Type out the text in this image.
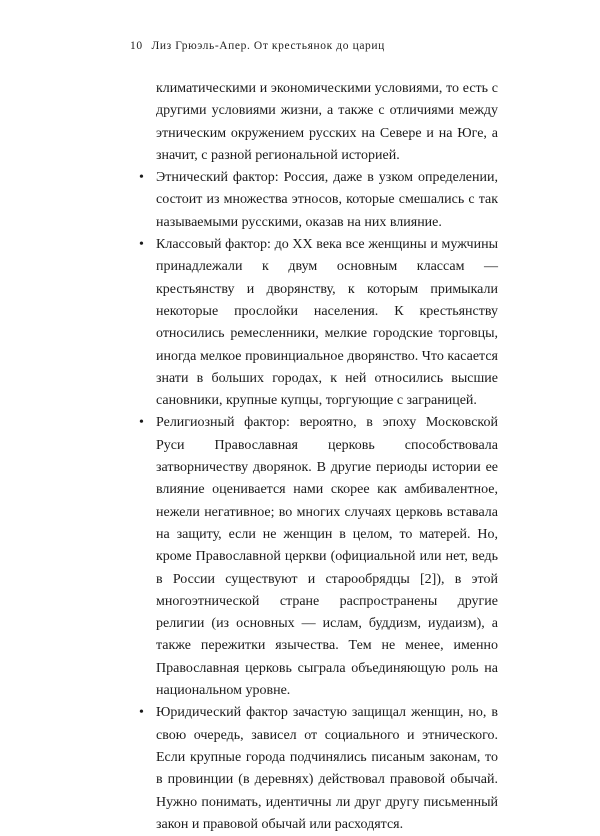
10 Лиз Грюэль-Апер. От крестьянок до цариц

климатическими и экономическими условиями, то есть с другими условиями жизни, а также с отличиями между этническим окружением русских на Севере и на Юге, а значит, с разной региональной историей.

• Этнический фактор: Россия, даже в узком определении, состоит из множества этносов, которые смешались с так называемыми русскими, оказав на них влияние.
• Классовый фактор: до XX века все женщины и мужчины принадлежали к двум основным классам — крестьянству и дворянству, к которым примыкали некоторые прослойки населения. К крестьянству относились ремесленники, мелкие городские торговцы, иногда мелкое провинциальное дворянство. Что касается знати в больших городах, к ней относились высшие сановники, крупные купцы, торгующие с заграницей.
• Религиозный фактор: вероятно, в эпоху Московской Руси Православная церковь способствовала затворничеству дворянок. В другие периоды истории ее влияние оценивается нами скорее как амбивалентное, нежели негативное; во многих случаях церковь вставала на защиту, если не женщин в целом, то матерей. Но, кроме Православной церкви (официальной или нет, ведь в России существуют и старообрядцы [2]), в этой многоэтнической стране распространены другие религии (из основных — ислам, буддизм, иудаизм), а также пережитки язычества. Тем не менее, именно Православная церковь сыграла объединяющую роль на национальном уровне.
• Юридический фактор зачастую защищал женщин, но, в свою очередь, зависел от социального и этнического. Если крупные города подчинялись писаным законам, то в провинции (в деревнях) действовал правовой обычай. Нужно понимать, идентичны ли друг другу письменный закон и правовой обычай или расходятся.
